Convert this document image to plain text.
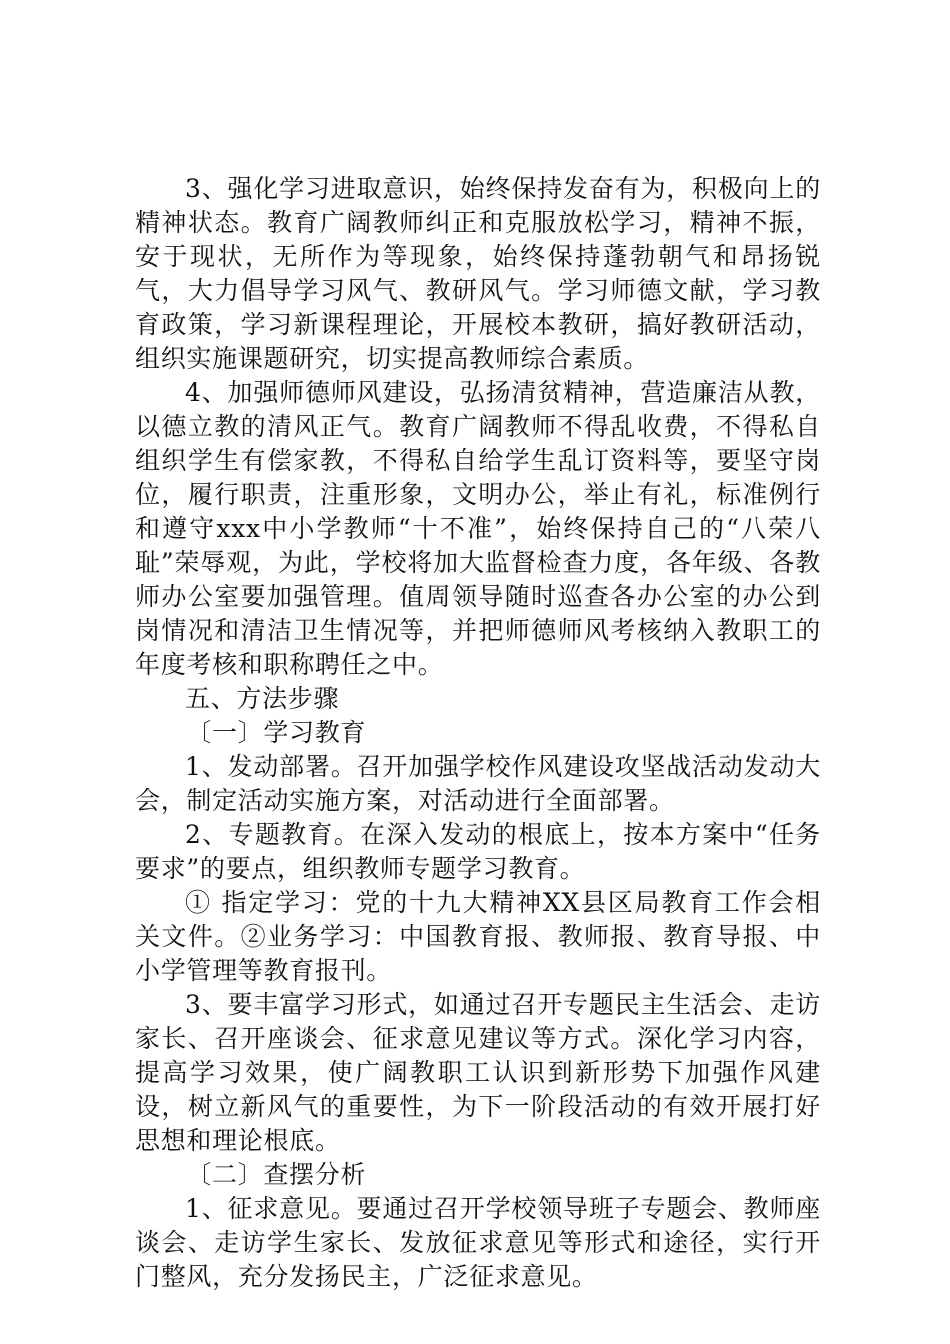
3、强化学习进取意识，始终保持发奋有为，积极向上的精神状态。教育广阔教师纠正和克服放松学习，精神不振，安于现状，无所作为等现象，始终保持蓬勃朝气和昂扬锐气，大力倡导学习风气、教研风气。学习师德文献，学习教育政策，学习新课程理论，开展校本教研，搞好教研活动，组织实施课题研究，切实提高教师综合素质。

4、加强师德师风建设，弘扬清贫精神，营造廉洁从教，以德立教的清风正气。教育广阔教师不得乱收费，不得私自组织学生有偿家教，不得私自给学生乱订资料等，要坚守岗位，履行职责，注重形象，文明办公，举止有礼，标准例行和遵守xxx中小学教师“十不准”，始终保持自己的“八荣八耻”荣辱观，为此，学校将加大监督检查力度，各年级、各教师办公室要加强管理。值周领导随时巡查各办公室的办公到岗情况和清洁卫生情况等，并把师德师风考核纳入教职工的年度考核和职称聘任之中。

五、方法步骤

〔一〕学习教育

1、发动部署。召开加强学校作风建设攻坚战活动发动大会，制定活动实施方案，对活动进行全面部署。

2、专题教育。在深入发动的根底上，按本方案中“任务要求”的要点，组织教师专题学习教育。

① 指定学习：党的十九大精神XX县区局教育工作会相关文件。②业务学习：中国教育报、教师报、教育导报、中小学管理等教育报刊。

3、要丰富学习形式，如通过召开专题民主生活会、走访家长、召开座谈会、征求意见建议等方式。深化学习内容，提高学习效果，使广阔教职工认识到新形势下加强作风建设，树立新风气的重要性，为下一阶段活动的有效开展打好思想和理论根底。

〔二〕查摆分析

1、征求意见。要通过召开学校领导班子专题会、教师座谈会、走访学生家长、发放征求意见等形式和途径，实行开门整风，充分发扬民主，广泛征求意见。
